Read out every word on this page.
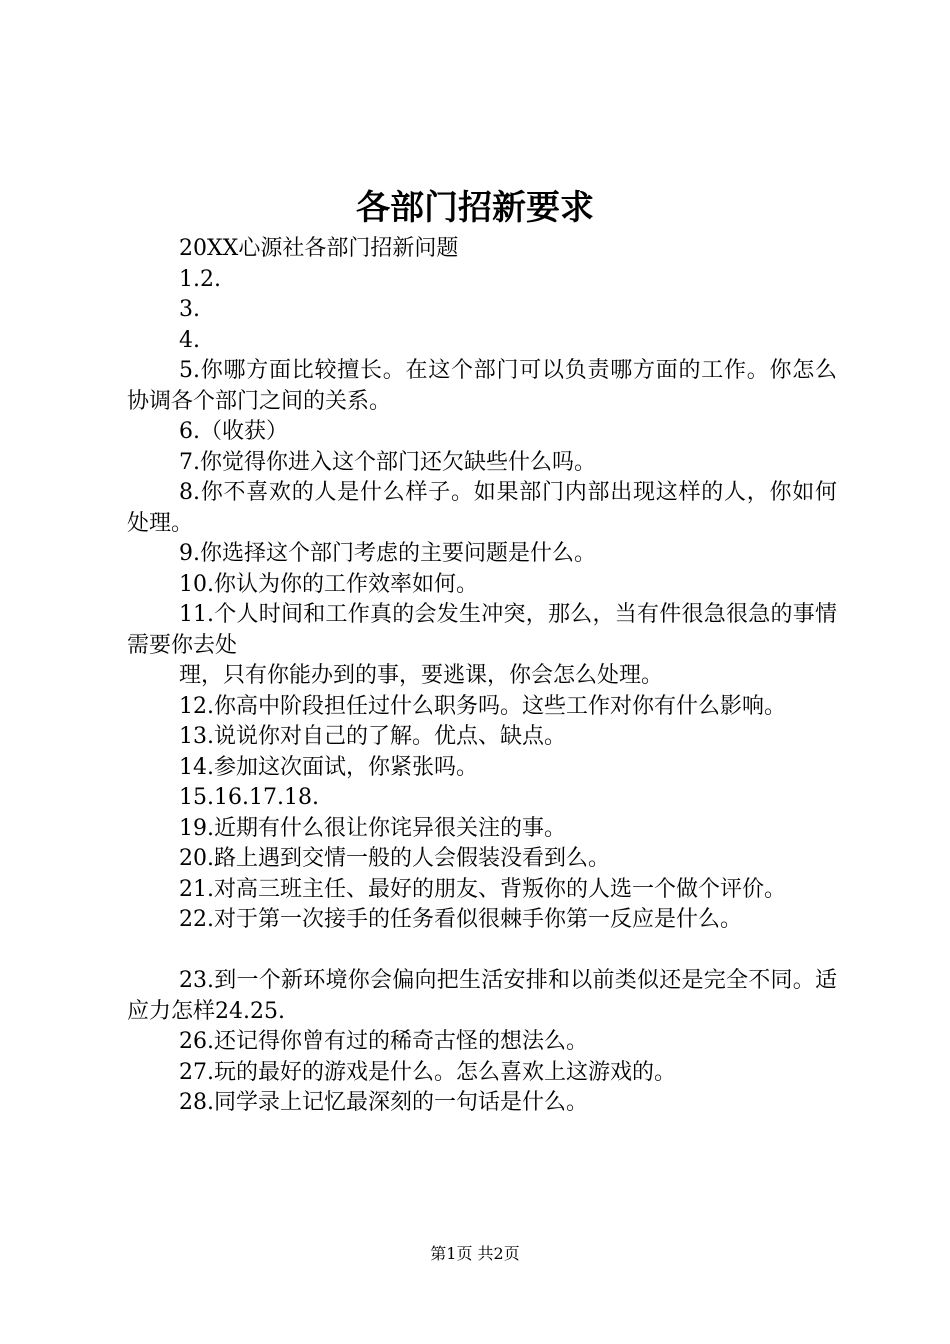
各部门招新要求

20XX心源社各部门招新问题

1.2.

3.

4.

5.你哪方面比较擅长。在这个部门可以负责哪方面的工作。你怎么协调各个部门之间的关系。

6.（收获）

7.你觉得你进入这个部门还欠缺些什么吗。

8.你不喜欢的人是什么样子。如果部门内部出现这样的人，你如何处理。

9.你选择这个部门考虑的主要问题是什么。

10.你认为你的工作效率如何。

11.个人时间和工作真的会发生冲突，那么，当有件很急很急的事情需要你去处

理，只有你能办到的事，要逃课，你会怎么处理。

12.你高中阶段担任过什么职务吗。这些工作对你有什么影响。

13.说说你对自己的了解。优点、缺点。

14.参加这次面试，你紧张吗。

15.16.17.18.

19.近期有什么很让你诧异很关注的事。

20.路上遇到交情一般的人会假装没看到么。

21.对高三班主任、最好的朋友、背叛你的人选一个做个评价。

22.对于第一次接手的任务看似很棘手你第一反应是什么。

23.到一个新环境你会偏向把生活安排和以前类似还是完全不同。适应力怎样24.25.

26.还记得你曾有过的稀奇古怪的想法么。

27.玩的最好的游戏是什么。怎么喜欢上这游戏的。

28.同学录上记忆最深刻的一句话是什么。

第1页 共2页
